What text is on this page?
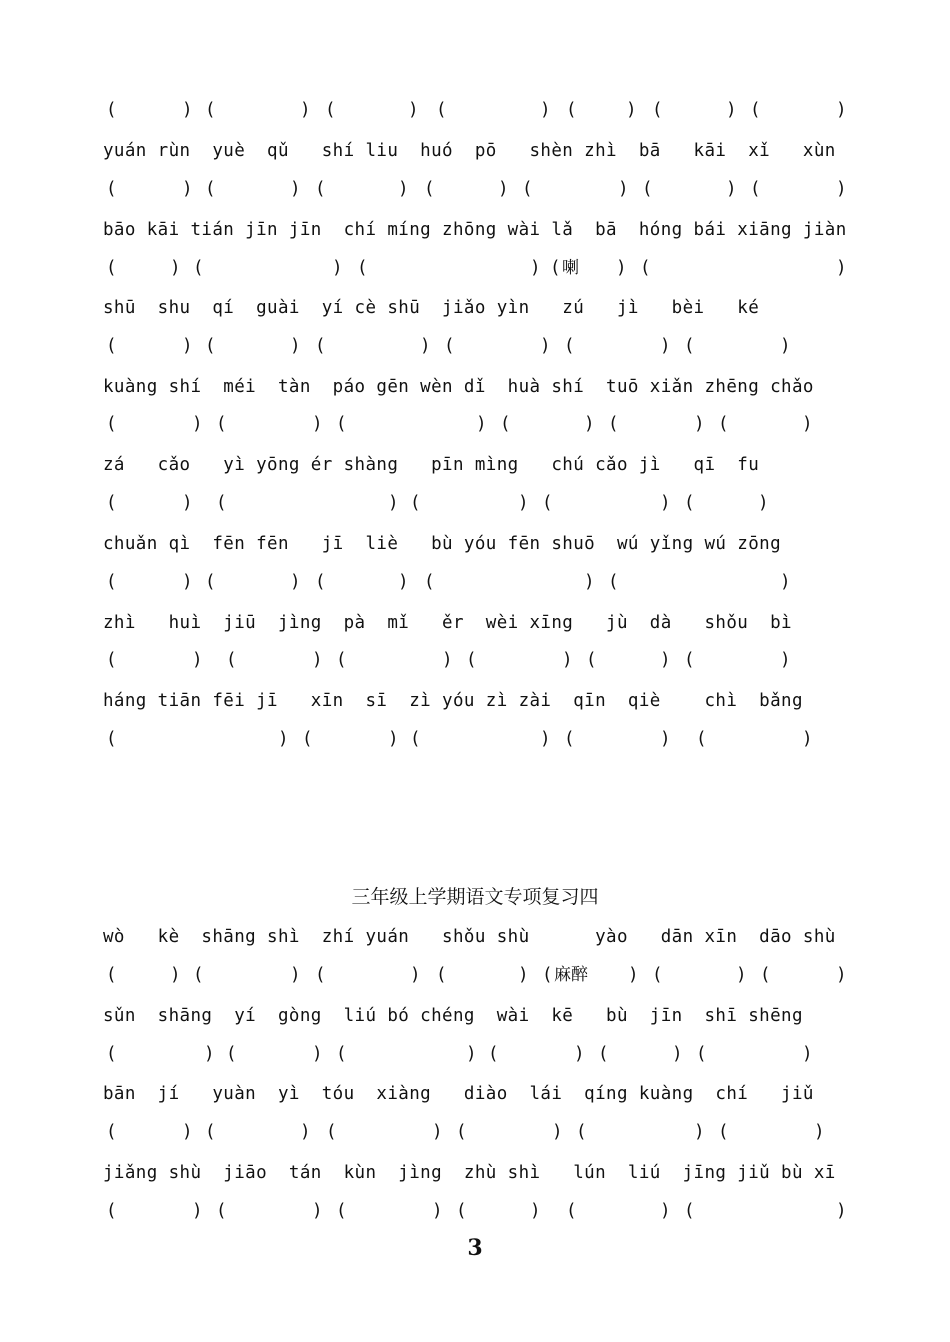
(	) (	) (	) (	) (	) (	) (	)
yuán rùn  yuè  qǔ   shí liu  huó  pō   shèn zhì  bā   kāi  xǐ   xùn
(	) (	) (	) (	) (	) (	) (	)
bāo kāi tián jīn jīn  chí míng zhōng wài lǎ  bā  hóng bái xiāng jiàn
(	) (	) (	) ( 喇 ) (	)
shū  shu  qí  guài  yí cè shū  jiǎo yìn   zú   jì   bèi   ké
(	) (	) (	) (	) (	) (	)
kuàng shí  méi  tàn  páo gēn wèn dǐ  huà shí  tuō xiǎn zhēng chǎo
(	) (	) (	) (	) (	) (	)
zá   cǎo   yì yōng ér shàng   pīn mìng   chú cǎo jì   qī  fu
(	) (	) (	) (	) (	)
chuǎn qì  fēn fēn   jī  liè   bù yóu fēn shuō  wú yǐng wú zōng
(	) (	) (	) (	) (	)
zhì   huì  jiū  jìng  pà  mǐ   ěr  wèi xīng   jù  dà   shǒu  bì
(	) (	) (	) (	) (	) (	)
háng tiān fēi jī   xīn  sī  zì yóu zì zài  qīn  qiè    chì  bǎng
(	) (	) (	) (	) (	)
三年级上学期语文专项复习四
wò   kè  shāng shì  zhí yuán   shǒu shù      yào   dān xīn  dāo shù
(	) (	) (	) (	) ( 麻醉 ) (	) (	)
sǔn  shāng  yí  gòng  liú bó chéng  wài  kē   bù  jīn  shī shēng
(	) (	) (	) (	) (	) (	)
bān  jí   yuàn  yì  tóu  xiàng   diào  lái  qíng kuàng  chí   jiǔ
(	) (	) (	) (	) (	) (	)
jiǎng shù  jiāo  tán  kùn  jìng  zhù shì   lún  liú  jīng jiǔ bù xī
(	) (	) (	) (	) (	) (	)
3
